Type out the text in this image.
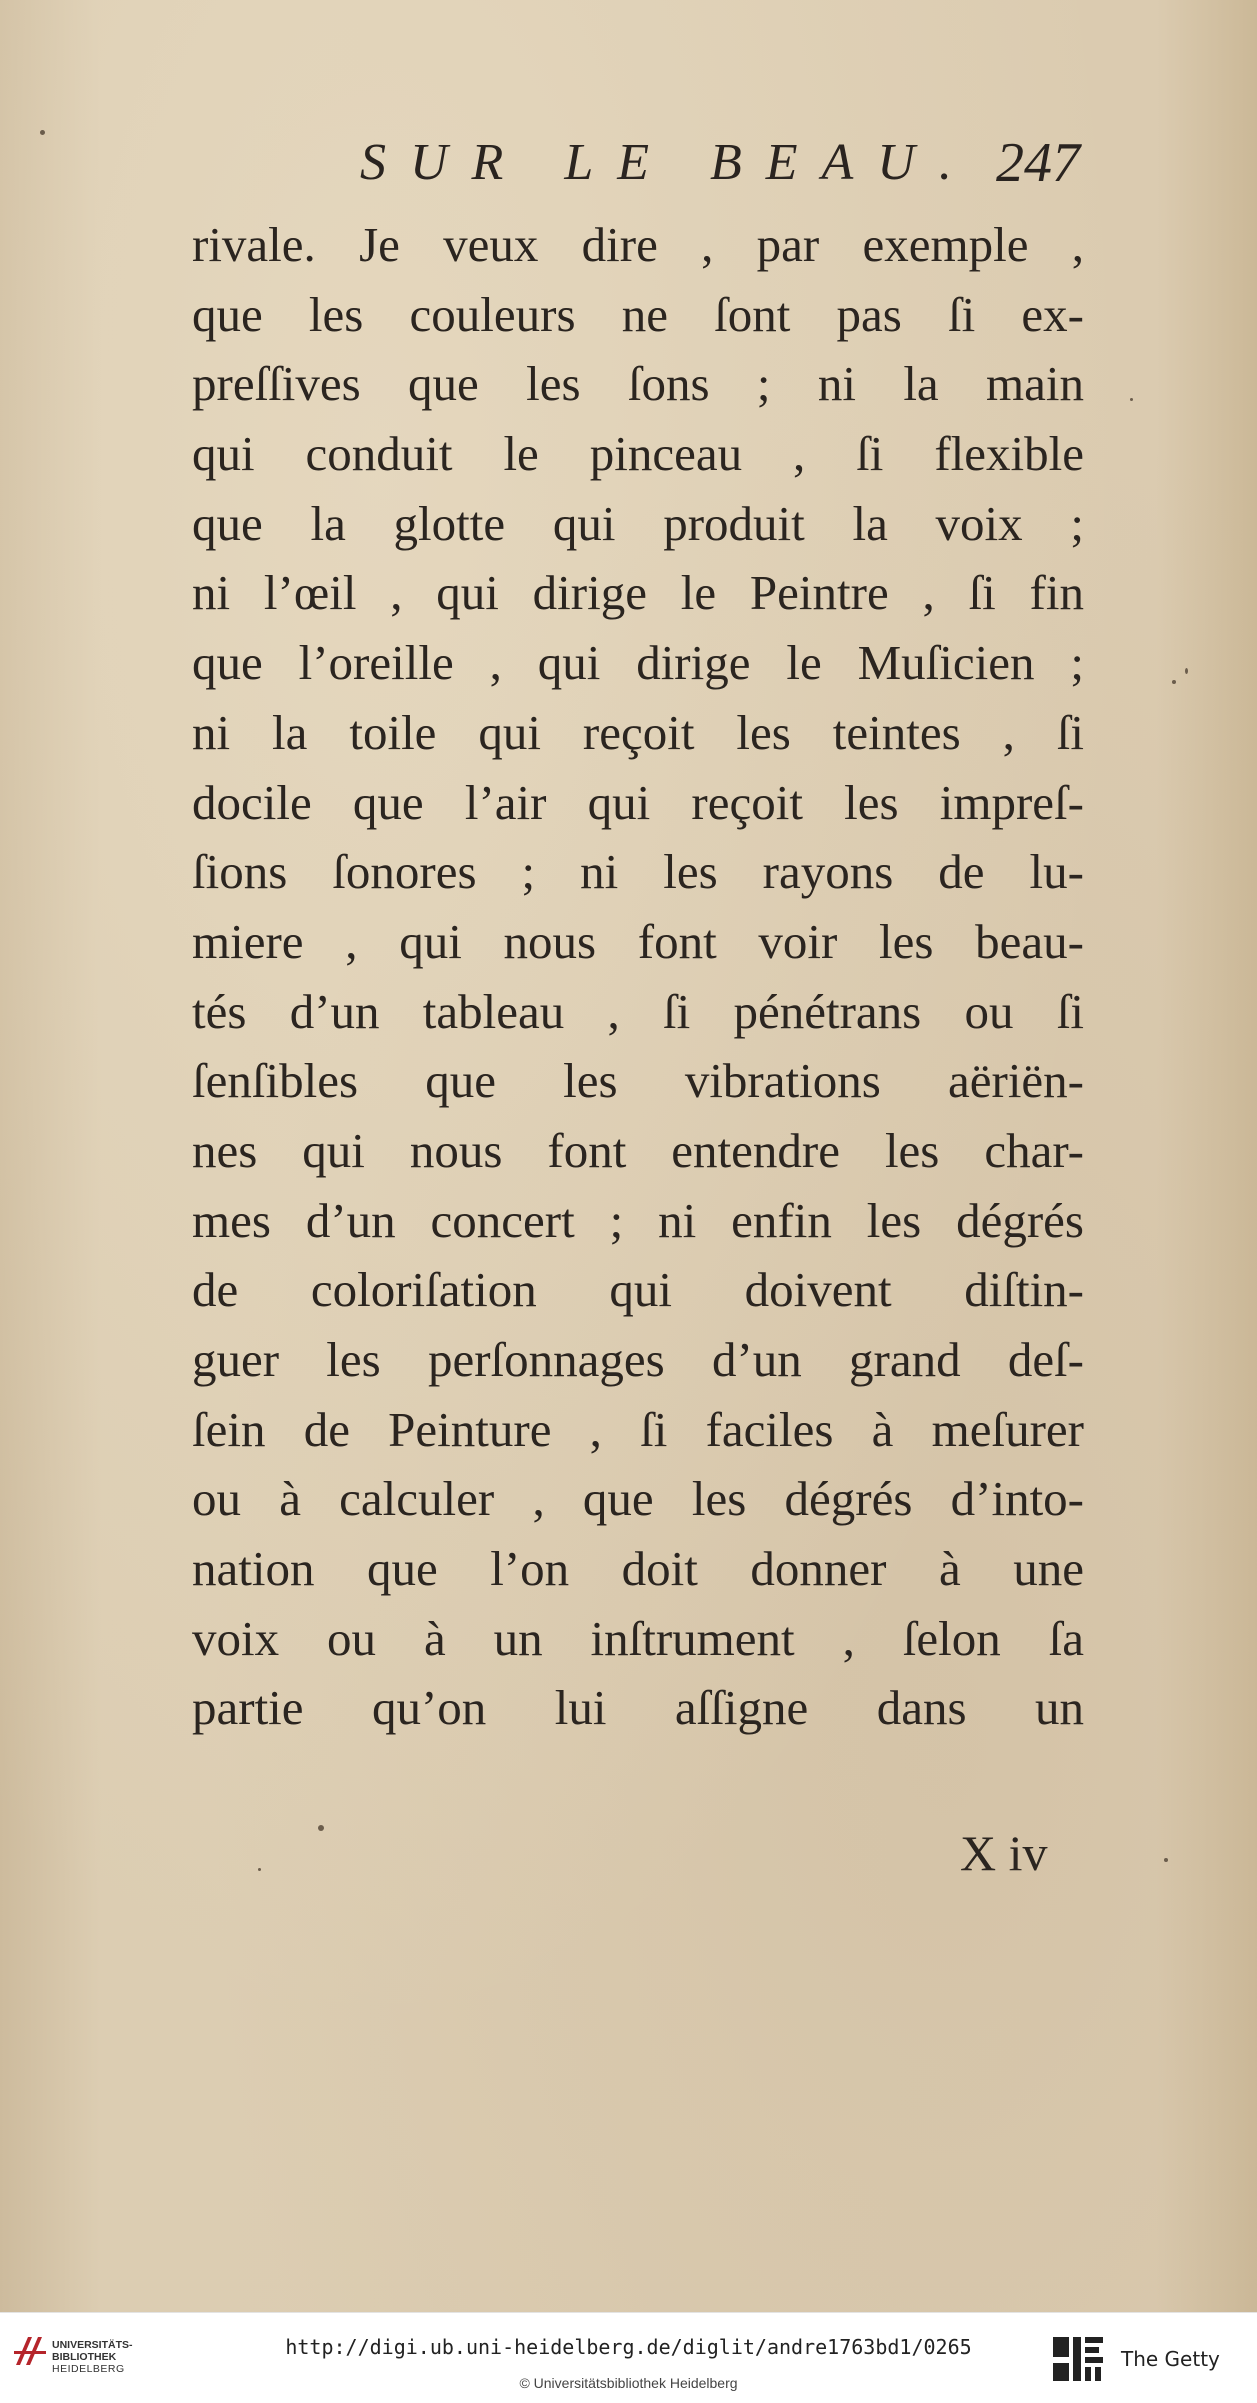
SUR LE BEAU. 247
rivale. Je veux dire , par exemple ,
que les couleurs ne ſont pas ſi ex-
preſſives que les ſons ; ni la main
qui conduit le pinceau , ſi flexible
que la glotte qui produit la voix ;
ni l’œil , qui dirige le Peintre , ſi fin
que l’oreille , qui dirige le Muſicien ;
ni la toile qui reçoit les teintes , ſi
docile que l’air qui reçoit les impreſ-
ſions ſonores ; ni les rayons de lu-
miere , qui nous font voir les beau-
tés d’un tableau , ſi pénétrans ou ſi
ſenſibles que les vibrations aëriën-
nes qui nous font entendre les char-
mes d’un concert ; ni enfin les dégrés
de coloriſation qui doivent diſtin-
guer les perſonnages d’un grand deſ-
ſein de Peinture , ſi faciles à meſurer
ou à calculer , que les dégrés d’into-
nation que l’on doit donner à une
voix ou à un inſtrument , ſelon ſa
partie qu’on lui aſſigne dans un
X iv
UNIVERSITÄTS-
BIBLIOTHEK
HEIDELBERG
http://digi.ub.uni-heidelberg.de/diglit/andre1763bd1/0265
© Universitätsbibliothek Heidelberg
The Getty
